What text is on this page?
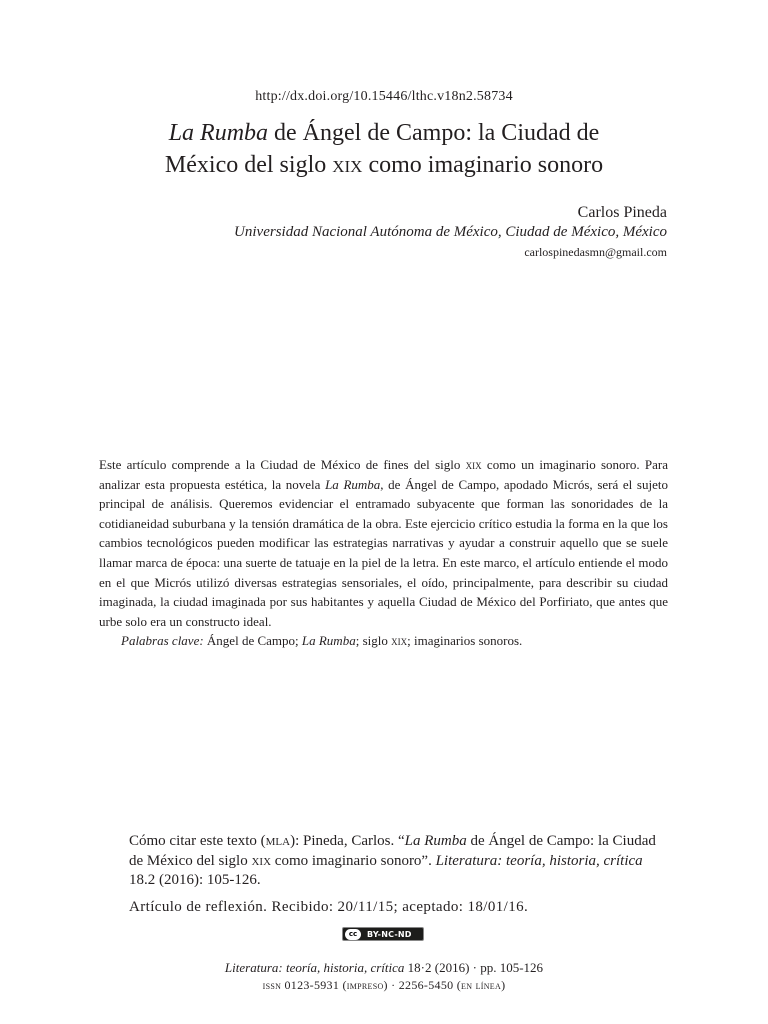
http://dx.doi.org/10.15446/lthc.v18n2.58734
La Rumba de Ángel de Campo: la Ciudad de
México del siglo xix como imaginario sonoro
Carlos Pineda
Universidad Nacional Autónoma de México, Ciudad de México, México
carlospinedasmn@gmail.com

Este artículo comprende a la Ciudad de México de fines del siglo xix como un imaginario sonoro. Para analizar esta propuesta estética, la novela La Rumba, de Ángel de Campo, apodado Micrós, será el sujeto principal de análisis. Queremos evidenciar el entramado subyacente que forman las sonoridades de la cotidianeidad suburbana y la tensión dramática de la obra. Este ejercicio crítico estudia la forma en la que los cambios tecnológicos pueden modificar las estrategias narrativas y ayudar a construir aquello que se suele llamar marca de época: una suerte de tatuaje en la piel de la letra. En este marco, el artículo entiende el modo en el que Micrós utilizó diversas estrategias sensoriales, el oído, principalmente, para describir su ciudad imaginada, la ciudad imaginada por sus habitantes y aquella Ciudad de México del Porfiriato, que antes que urbe solo era un constructo ideal.

Palabras clave: Ángel de Campo; La Rumba; siglo xix; imaginarios sonoros.

Cómo citar este texto (mla): Pineda, Carlos. “La Rumba de Ángel de Campo: la Ciudad de México del siglo xix como imaginario sonoro”. Literatura: teoría, historia, crítica 18.2 (2016): 105-126.
Artículo de reflexión. Recibido: 20/11/15; aceptado: 18/01/16.
cc	BY-NC-ND
Literatura: teoría, historia, crítica 18·2 (2016) · pp. 105-126
issn 0123-5931 (impreso) · 2256-5450 (en línea)
